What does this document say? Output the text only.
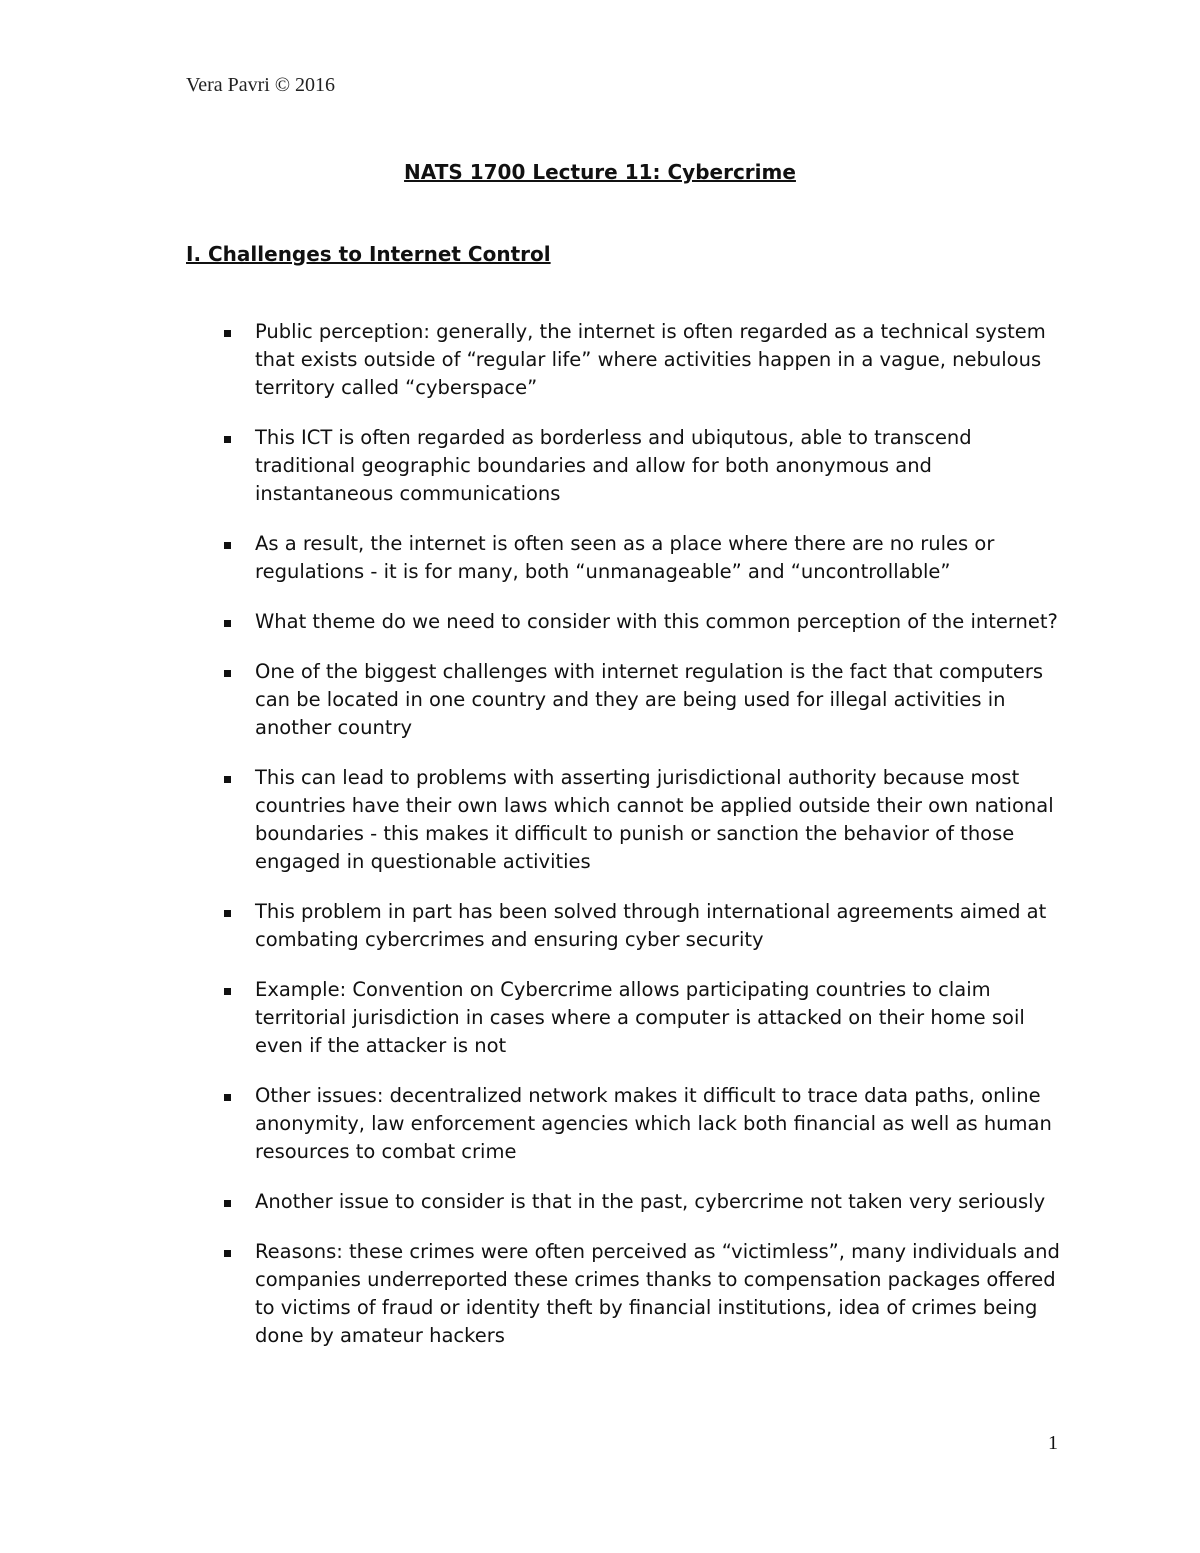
Vera Pavri © 2016
NATS 1700 Lecture 11: Cybercrime
I. Challenges to Internet Control
Public perception: generally, the internet is often regarded as a technical system that exists outside of “regular life” where activities happen in a vague, nebulous territory called “cyberspace”
This ICT is often regarded as borderless and ubiqutous, able to transcend traditional geographic boundaries and allow for both anonymous and instantaneous communications
As a result, the internet is often seen as a place where there are no rules or regulations - it is for many, both “unmanageable” and “uncontrollable”
What theme do we need to consider with this common perception of the internet?
One of the biggest challenges with internet regulation is the fact that computers can be located in one country and they are being used for illegal activities in another country
This can lead to problems with asserting jurisdictional authority because most countries have their own laws which cannot be applied outside their own national boundaries - this makes it difficult to punish or sanction the behavior of those engaged in questionable activities
This problem in part has been solved through international agreements aimed at combating cybercrimes and ensuring cyber security
Example: Convention on Cybercrime allows participating countries to claim territorial jurisdiction in cases where a computer is attacked on their home soil even if the attacker is not
Other issues: decentralized network makes it difficult to trace data paths, online anonymity, law enforcement agencies which lack both financial as well as human resources to combat crime
Another issue to consider is that in the past, cybercrime not taken very seriously
Reasons: these crimes were often perceived as “victimless”, many individuals and companies underreported these crimes thanks to compensation packages offered to victims of fraud or identity theft by financial institutions, idea of crimes being done by amateur hackers
1
